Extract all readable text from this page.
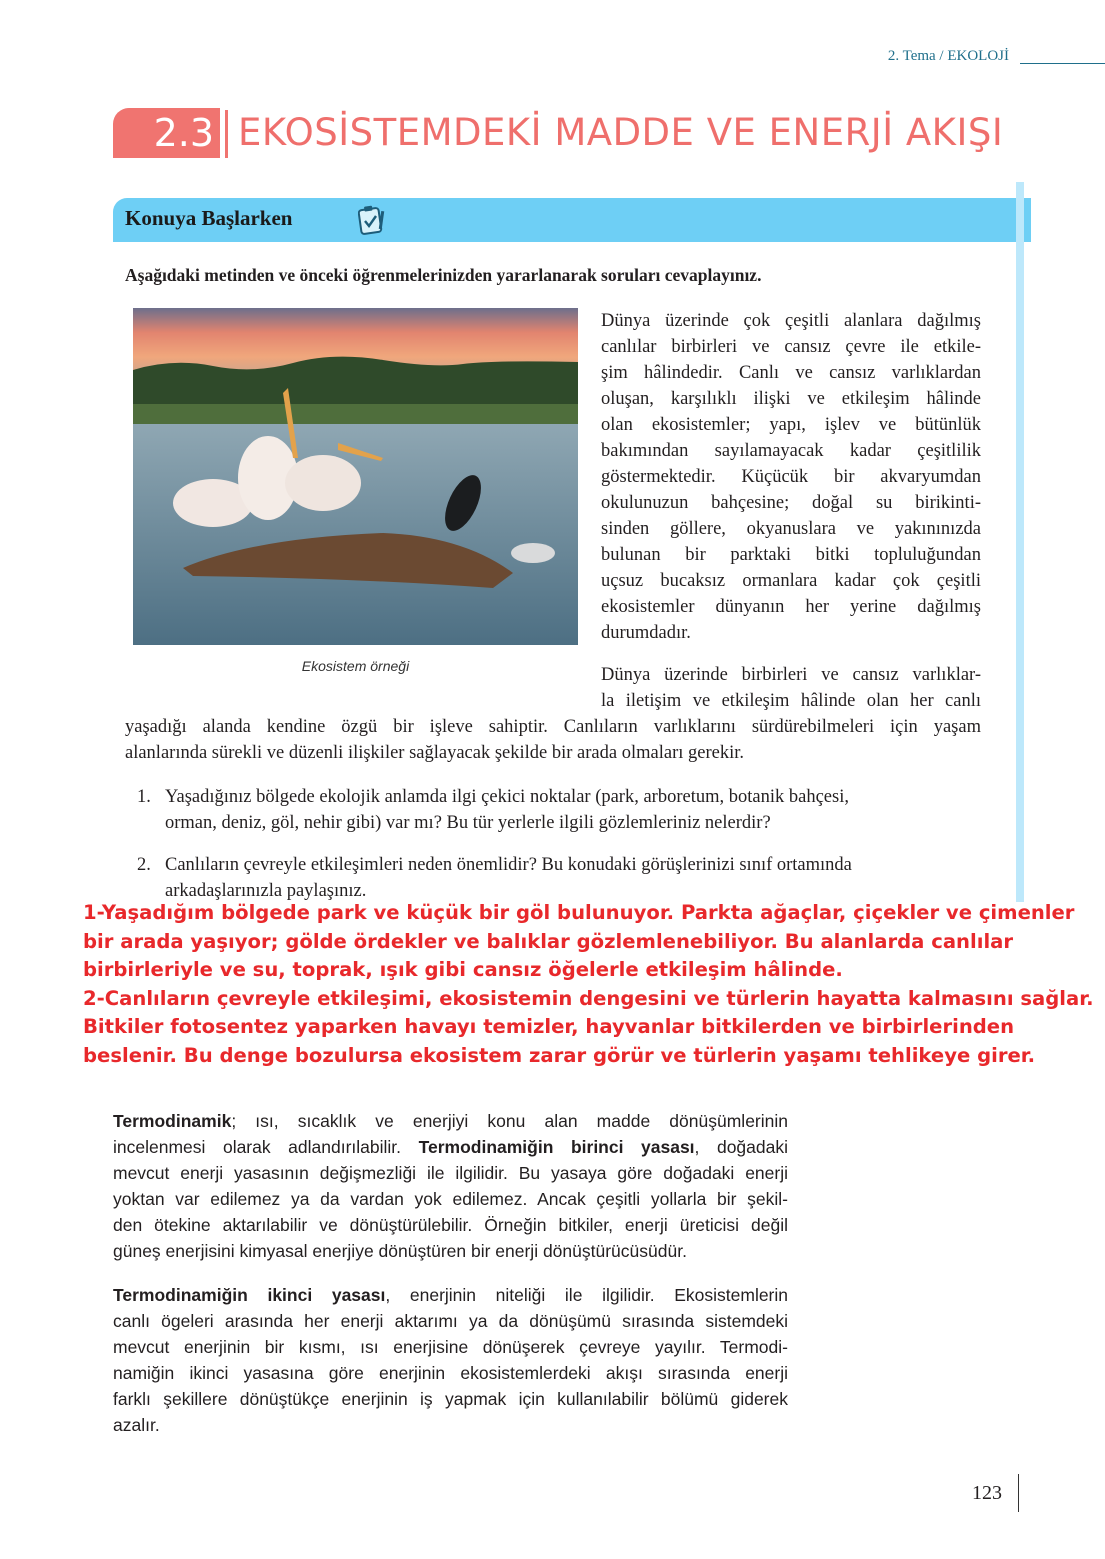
2. Tema / EKOLOJİ
2.3 EKOSİSTEMDEKİ MADDE VE ENERJİ AKIŞI
Konuya Başlarken
Aşağıdaki metinden ve önceki öğrenmelerinizden yararlanarak soruları cevaplayınız.
Ekosistem örneği
Dünya üzerinde çok çeşitli alanlara dağılmış
canlılar birbirleri ve cansız çevre ile etkile-
şim hâlindedir. Canlı ve cansız varlıklardan
oluşan, karşılıklı ilişki ve etkileşim hâlinde
olan ekosistemler; yapı, işlev ve bütünlük
bakımından sayılamayacak kadar çeşitlilik
göstermektedir. Küçücük bir akvaryumdan
okulunuzun bahçesine; doğal su birikinti-
sinden göllere, okyanuslara ve yakınınızda
bulunan bir parktaki bitki topluluğundan
uçsuz bucaksız ormanlara kadar çok çeşitli
ekosistemler dünyanın her yerine dağılmış
durumdadır.
Dünya üzerinde birbirleri ve cansız varlıklar-
la iletişim ve etkileşim hâlinde olan her canlı
yaşadığı alanda kendine özgü bir işleve sahiptir. Canlıların varlıklarını sürdürebilmeleri için yaşam
alanlarında sürekli ve düzenli ilişkiler sağlayacak şekilde bir arada olmaları gerekir.
1. Yaşadığınız bölgede ekolojik anlamda ilgi çekici noktalar (park, arboretum, botanik bahçesi,
orman, deniz, göl, nehir gibi) var mı? Bu tür yerlerle ilgili gözlemleriniz nelerdir?
2. Canlıların çevreyle etkileşimleri neden önemlidir? Bu konudaki görüşlerinizi sınıf ortamında
arkadaşlarınızla paylaşınız.
1-Yaşadığım bölgede park ve küçük bir göl bulunuyor. Parkta ağaçlar, çiçekler ve çimenler
bir arada yaşıyor; gölde ördekler ve balıklar gözlemlenebiliyor. Bu alanlarda canlılar
birbirleriyle ve su, toprak, ışık gibi cansız öğelerle etkileşim hâlinde.
2-Canlıların çevreyle etkileşimi, ekosistemin dengesini ve türlerin hayatta kalmasını sağlar.
Bitkiler fotosentez yaparken havayı temizler, hayvanlar bitkilerden ve birbirlerinden
beslenir. Bu denge bozulursa ekosistem zarar görür ve türlerin yaşamı tehlikeye girer.
Termodinamik; ısı, sıcaklık ve enerjiyi konu alan madde dönüşümlerinin
incelenmesi olarak adlandırılabilir. Termodinamiğin birinci yasası, doğadaki
mevcut enerji yasasının değişmezliği ile ilgilidir. Bu yasaya göre doğadaki enerji
yoktan var edilemez ya da vardan yok edilemez. Ancak çeşitli yollarla bir şekil-
den ötekine aktarılabilir ve dönüştürülebilir. Örneğin bitkiler, enerji üreticisi değil
güneş enerjisini kimyasal enerjiye dönüştüren bir enerji dönüştürücüsüdür.
Termodinamiğin ikinci yasası, enerjinin niteliği ile ilgilidir. Ekosistemlerin
canlı ögeleri arasında her enerji aktarımı ya da dönüşümü sırasında sistemdeki
mevcut enerjinin bir kısmı, ısı enerjisine dönüşerek çevreye yayılır. Termodi-
namiğin ikinci yasasına göre enerjinin ekosistemlerdeki akışı sırasında enerji
farklı şekillere dönüştükçe enerjinin iş yapmak için kullanılabilir bölümü giderek
azalır.
123
